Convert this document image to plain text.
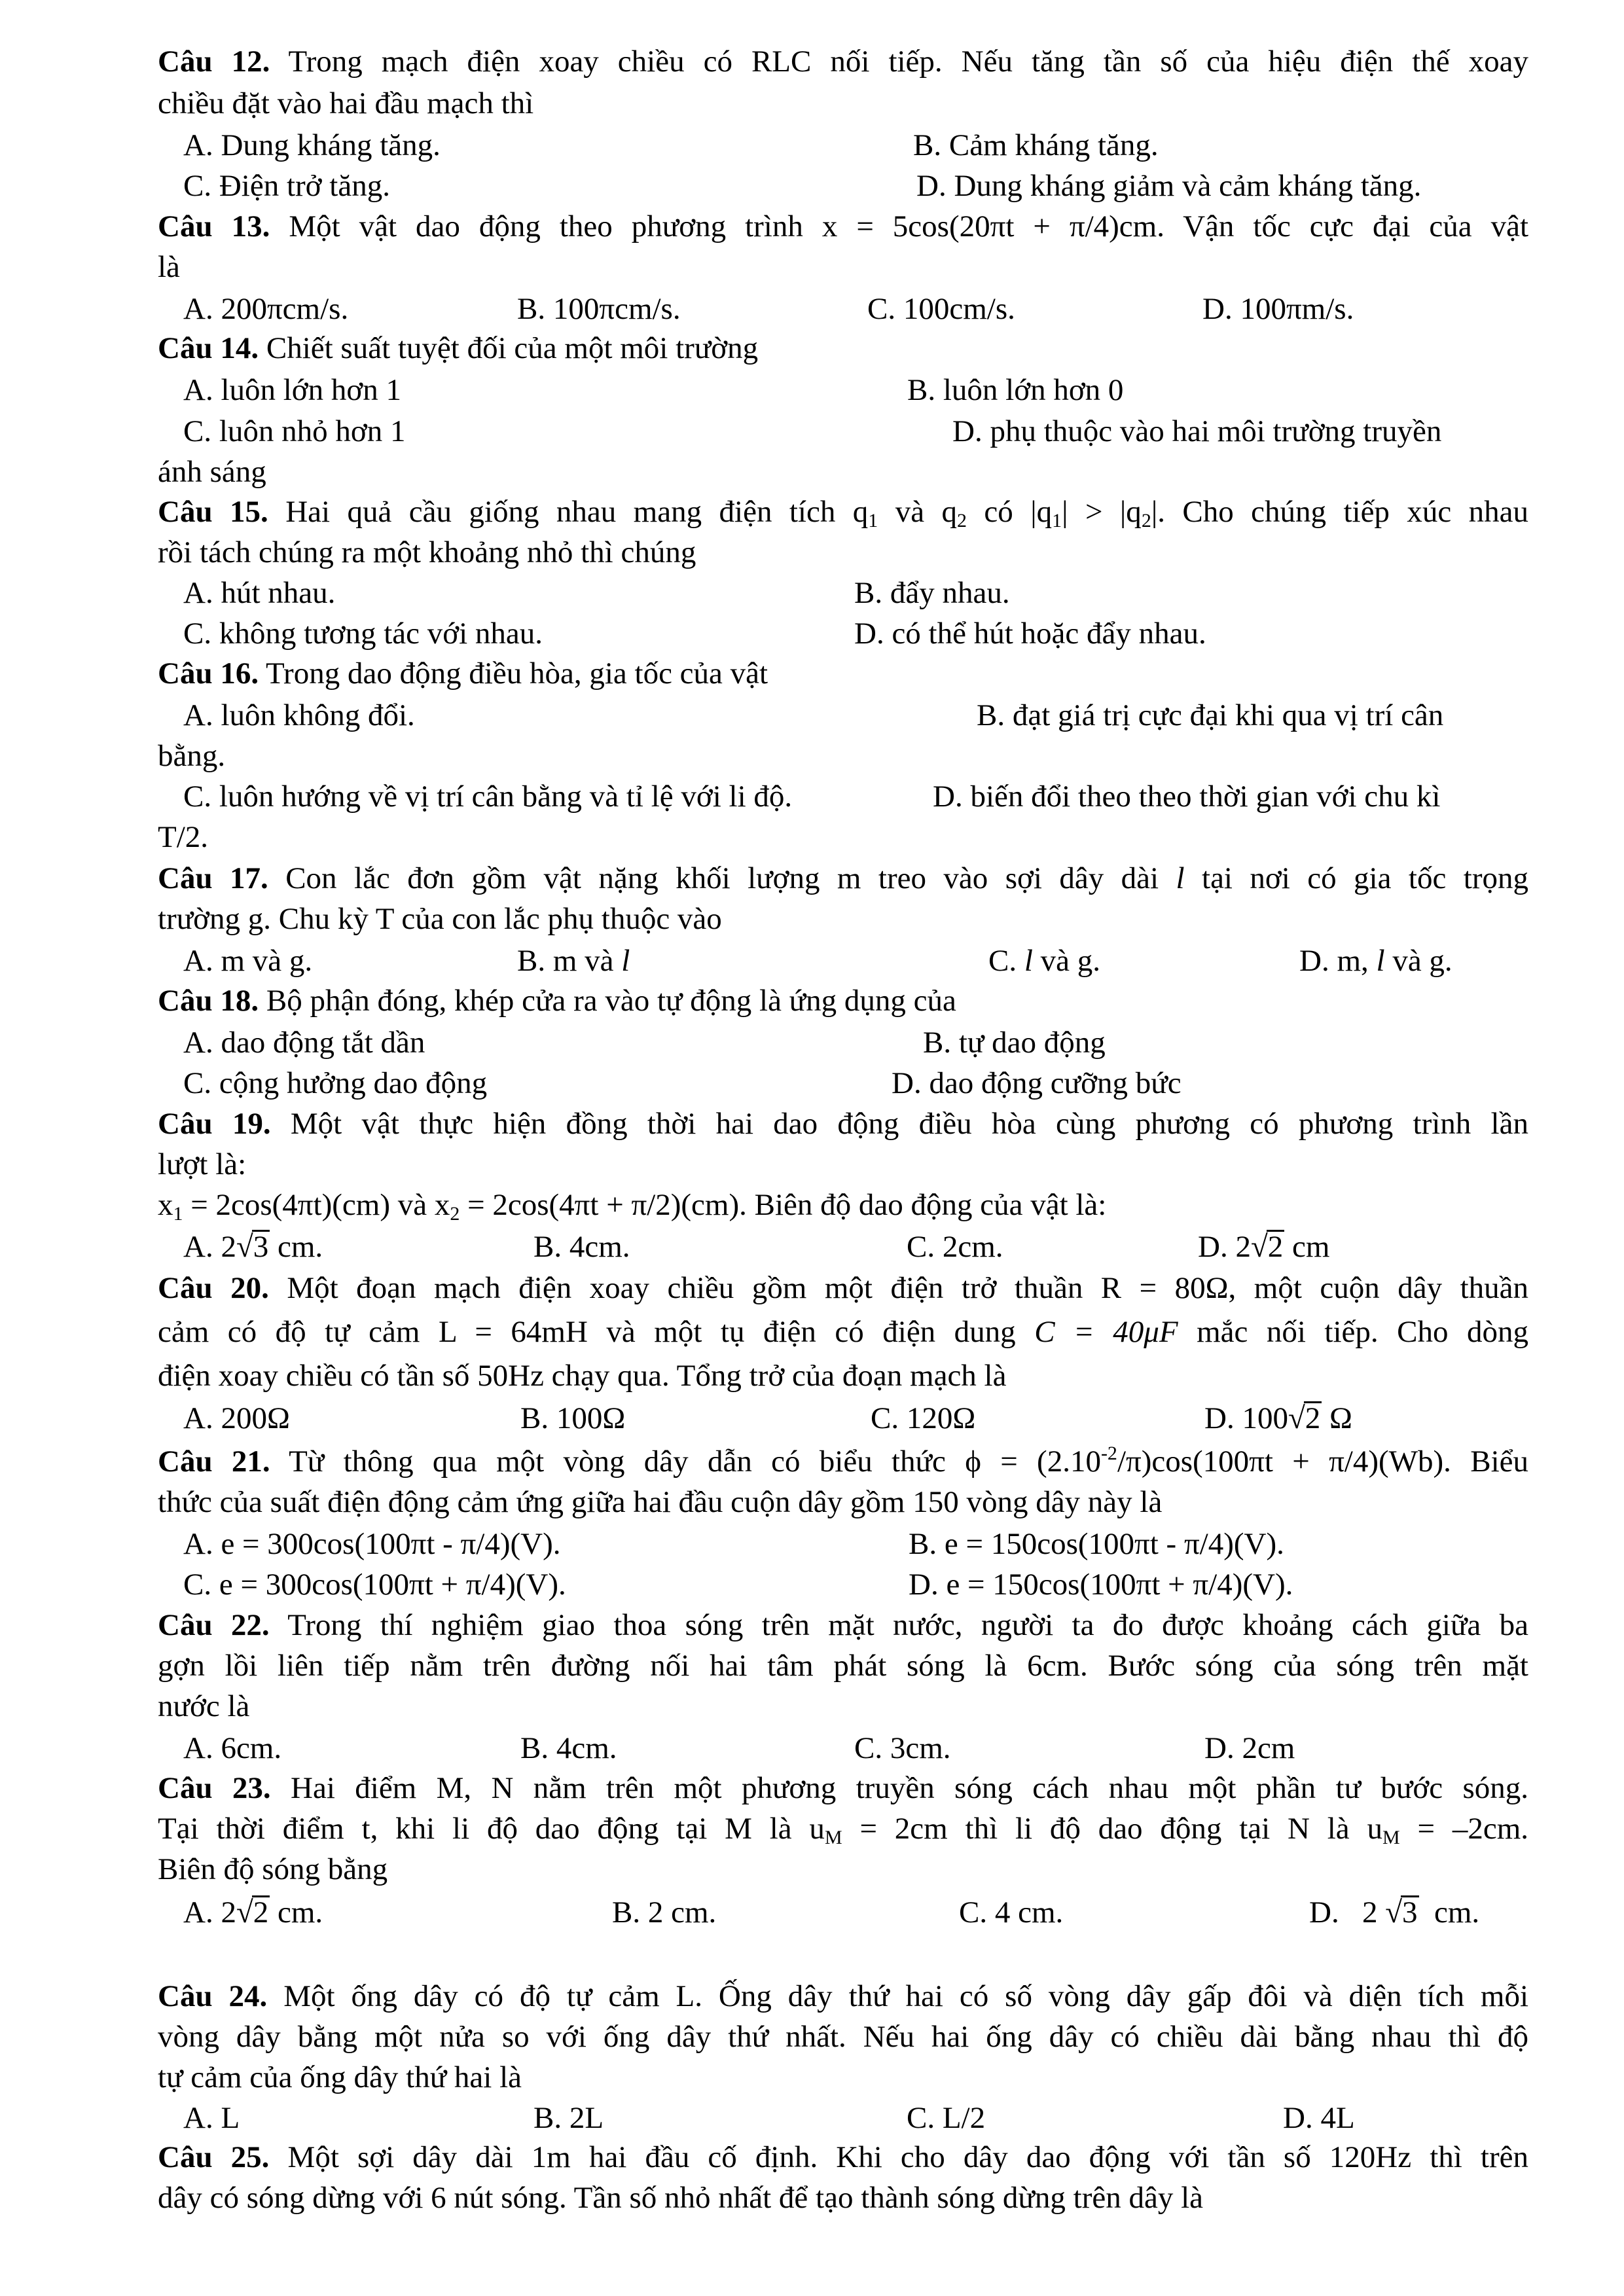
Câu 12. Trong mạch điện xoay chiều có RLC nối tiếp. Nếu tăng tần số của hiệu điện thế xoay
chiều đặt vào hai đầu mạch thì
A. Dung kháng tăng.	B. Cảm kháng tăng.
C. Điện trở tăng.	D. Dung kháng giảm và cảm kháng tăng.
Câu 13. Một vật dao động theo phương trình x = 5cos(20πt + π/4)cm. Vận tốc cực đại của vật
là
A. 200πcm/s.	B. 100πcm/s.	C. 100cm/s.	D. 100πm/s.
Câu 14. Chiết suất tuyệt đối của một môi trường
A. luôn lớn hơn 1	B. luôn lớn hơn 0
C. luôn nhỏ hơn 1	D. phụ thuộc vào hai môi trường truyền
ánh sáng
Câu 15. Hai quả cầu giống nhau mang điện tích $q_1$ và $q_2$ có $|q_1| > |q_2|$. Cho chúng tiếp xúc nhau
rồi tách chúng ra một khoảng nhỏ thì chúng
A. hút nhau.	B. đẩy nhau.
C. không tương tác với nhau.	D. có thể hút hoặc đẩy nhau.
Câu 16. Trong dao động điều hòa, gia tốc của vật
A. luôn không đổi.	B. đạt giá trị cực đại khi qua vị trí cân
bằng.
C. luôn hướng về vị trí cân bằng và tỉ lệ với li độ.	D. biến đổi theo theo thời gian với chu kì
T/2.
Câu 17. Con lắc đơn gồm vật nặng khối lượng m treo vào sợi dây dài l tại nơi có gia tốc trọng
trường g. Chu kỳ T của con lắc phụ thuộc vào
A. m và g.	B. m và l	C. l và g.	D. m, l và g.
Câu 18. Bộ phận đóng, khép cửa ra vào tự động là ứng dụng của
A. dao động tắt dần	B. tự dao động
C. cộng hưởng dao động	D. dao động cưỡng bức
Câu 19. Một vật thực hiện đồng thời hai dao động điều hòa cùng phương có phương trình lần
lượt là:
$x_1 = 2\cos(4\pi t)(cm)$ và $x_2 = 2\cos(4\pi t + \pi/2)(cm)$. Biên độ dao động của vật là:
A. 2√3 cm.	B. 4cm.	C. 2cm.	D. 2√2 cm
Câu 20. Một đoạn mạch điện xoay chiều gồm một điện trở thuần R = 80Ω, một cuộn dây thuần
cảm có độ tự cảm L = 64mH và một tụ điện có điện dung C = 40μF mắc nối tiếp. Cho dòng
điện xoay chiều có tần số 50Hz chạy qua. Tổng trở của đoạn mạch là
A. 200Ω	B. 100Ω	C. 120Ω	D. 100√2 Ω
Câu 21. Từ thông qua một vòng dây dẫn có biểu thức $\phi = (2.10^{-2}/\pi)\cos(100\pi t + \pi/4)(Wb)$. Biểu
thức của suất điện động cảm ứng giữa hai đầu cuộn dây gồm 150 vòng dây này là
A. e = 300cos(100πt - π/4)(V).	B. e = 150cos(100πt - π/4)(V).
C. e = 300cos(100πt + π/4)(V).	D. e = 150cos(100πt + π/4)(V).
Câu 22. Trong thí nghiệm giao thoa sóng trên mặt nước, người ta đo được khoảng cách giữa ba
gợn lồi liên tiếp nằm trên đường nối hai tâm phát sóng là 6cm. Bước sóng của sóng trên mặt
nước là
A. 6cm.	B. 4cm.	C. 3cm.	D. 2cm
Câu 23. Hai điểm M, N nằm trên một phương truyền sóng cách nhau một phần tư bước sóng.
Tại thời điểm t, khi li độ dao động tại M là $u_M = 2cm$ thì li độ dao động tại N là $u_M = -2cm$.
Biên độ sóng bằng
A. 2√2 cm.	B. 2 cm.	C. 4 cm.	D.   2 √3  cm.
Câu 24. Một ống dây có độ tự cảm L. Ống dây thứ hai có số vòng dây gấp đôi và diện tích mỗi
vòng dây bằng một nửa so với ống dây thứ nhất. Nếu hai ống dây có chiều dài bằng nhau thì độ
tự cảm của ống dây thứ hai là
A. L	B. 2L	C. L/2	D. 4L
Câu 25. Một sợi dây dài 1m hai đầu cố định. Khi cho dây dao động với tần số 120Hz thì trên
dây có sóng dừng với 6 nút sóng. Tần số nhỏ nhất để tạo thành sóng dừng trên dây là
